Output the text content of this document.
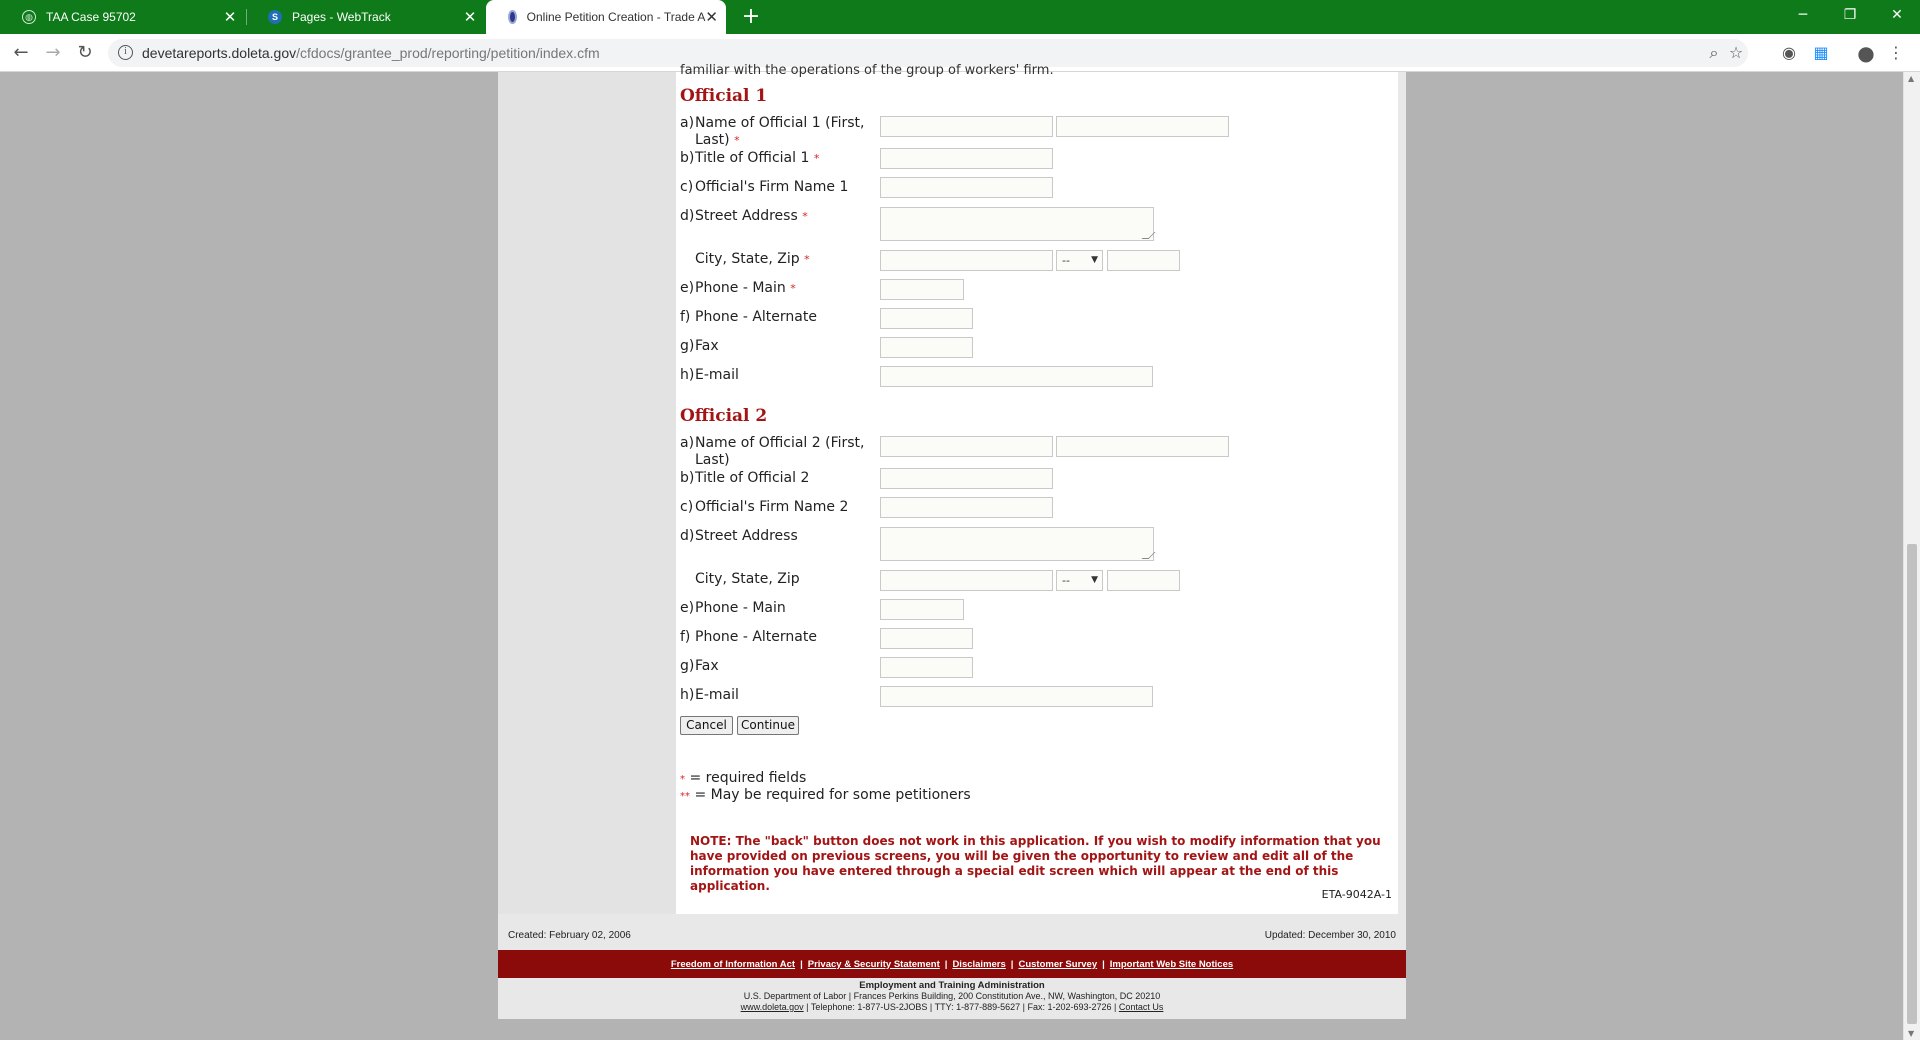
◍ TAA Case 95702	✕	S	Pages - WebTrack	✕	Online Petition Creation - Trade A ✕ +	─	❐	✕
← → ↻	i	devetareports.doleta.gov/cfdocs/grantee_prod/reporting/petition/index.cfm	⌕ ☆ ◉ ▦ ● ⋮
familiar with the operations of the group of workers' firm.
Official 1
a)Name of Official 1 (First,
Last) *
b)Title of Official 1 *
c) Official's Firm Name 1
d)Street Address *
City, State, Zip *	-- ▼
e)Phone - Main *
f) Phone - Alternate
g)Fax
h)E-mail
Official 2
a)Name of Official 2 (First,
Last)
b)Title of Official 2
c) Official's Firm Name 2
d)Street Address
City, State, Zip	-- ▼
e)Phone - Main
f) Phone - Alternate
g)Fax
h)E-mail
Cancel	Continue
* = required fields
** = May be required for some petitioners
NOTE: The "back" button does not work in this application. If you wish to modify information that you have provided on previous screens, you will be given the opportunity to review and edit all of the information you have entered through a special edit screen which will appear at the end of this application.
ETA-9042A-1
Created: February 02, 2006	Updated: December 30, 2010
Freedom of Information Act | Privacy & Security Statement | Disclaimers | Customer Survey | Important Web Site Notices
Employment and Training Administration
U.S. Department of Labor | Frances Perkins Building, 200 Constitution Ave., NW, Washington, DC 20210
www.doleta.gov | Telephone: 1-877-US-2JOBS | TTY: 1-877-889-5627 | Fax: 1-202-693-2726 | Contact Us
▲
▼
